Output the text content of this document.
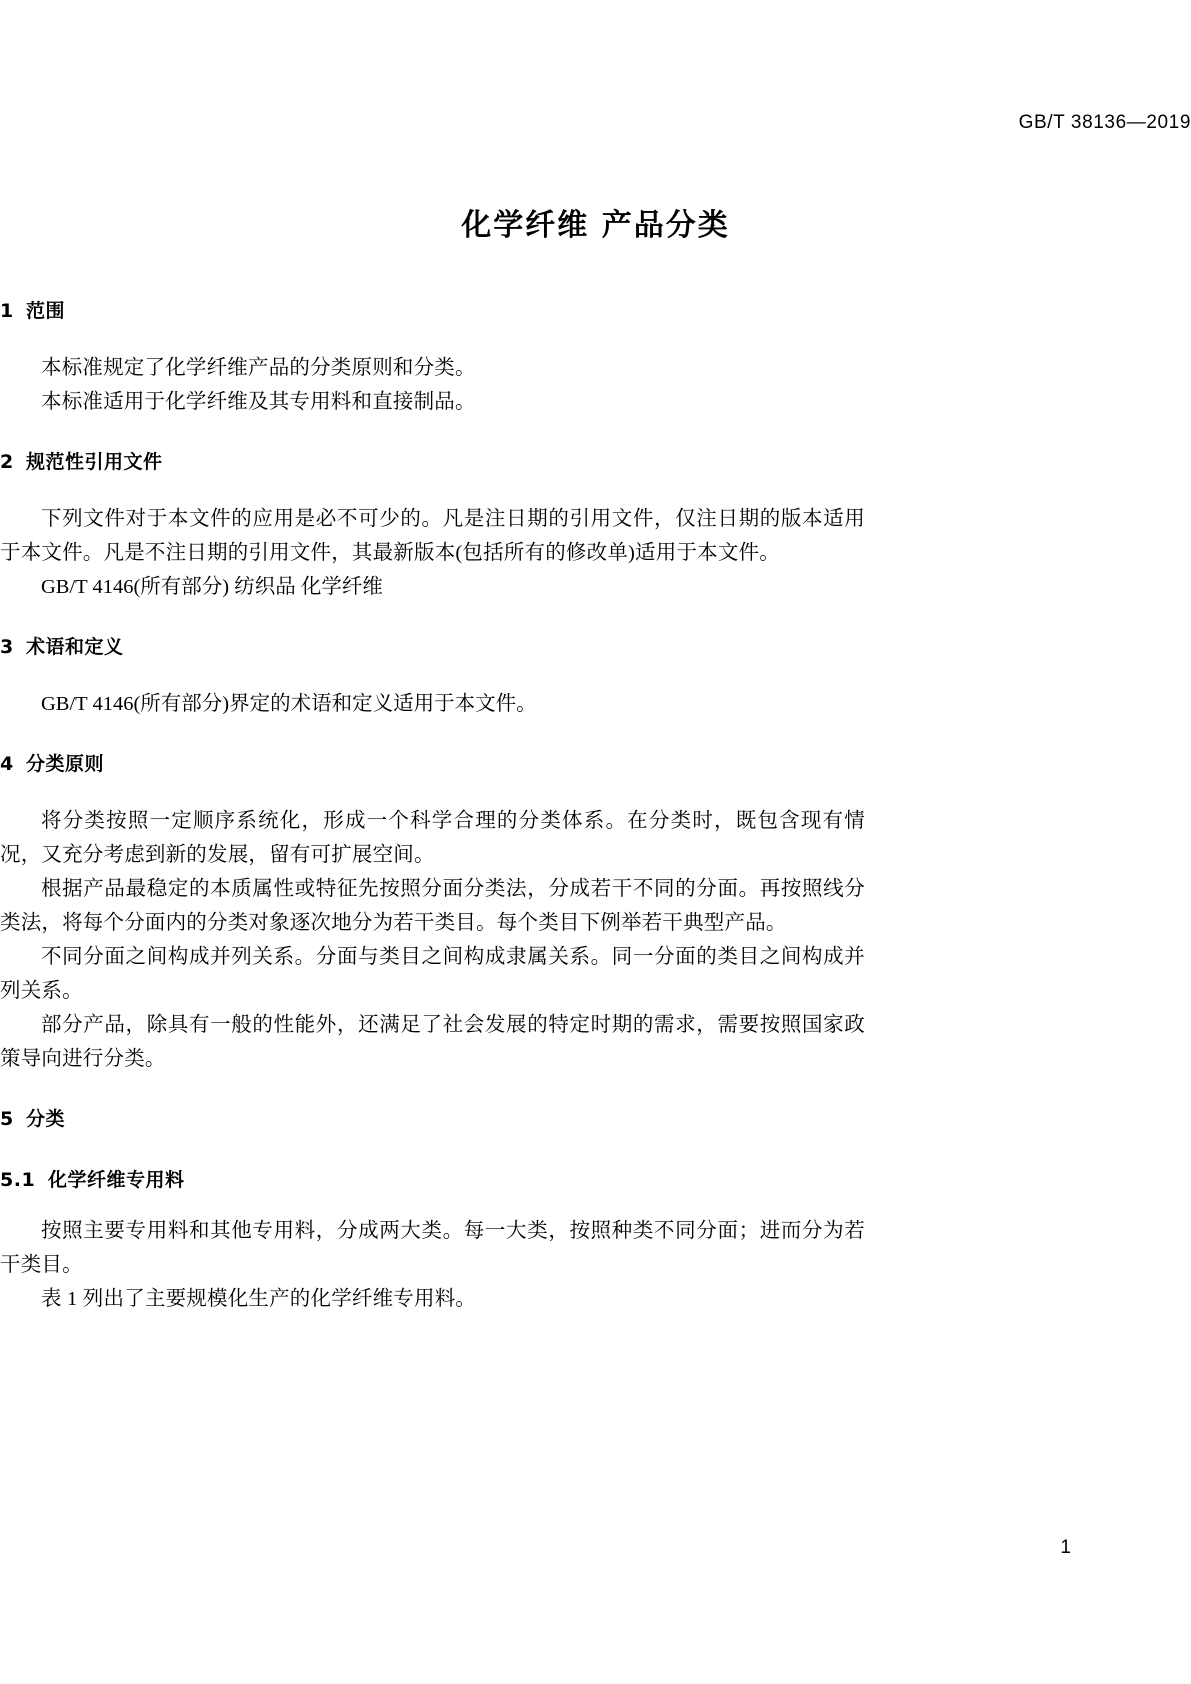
GB/T 38136—2019
化学纤维 产品分类
1 范围

本标准规定了化学纤维产品的分类原则和分类。

本标准适用于化学纤维及其专用料和直接制品。

2 规范性引用文件

下列文件对于本文件的应用是必不可少的。凡是注日期的引用文件，仅注日期的版本适用于本文件。凡是不注日期的引用文件，其最新版本(包括所有的修改单)适用于本文件。

GB/T 4146(所有部分) 纺织品 化学纤维

3 术语和定义

GB/T 4146(所有部分)界定的术语和定义适用于本文件。

4 分类原则

将分类按照一定顺序系统化，形成一个科学合理的分类体系。在分类时，既包含现有情况，又充分考虑到新的发展，留有可扩展空间。

根据产品最稳定的本质属性或特征先按照分面分类法，分成若干不同的分面。再按照线分类法，将每个分面内的分类对象逐次地分为若干类目。每个类目下例举若干典型产品。

不同分面之间构成并列关系。分面与类目之间构成隶属关系。同一分面的类目之间构成并列关系。

部分产品，除具有一般的性能外，还满足了社会发展的特定时期的需求，需要按照国家政策导向进行分类。

5 分类
5.1 化学纤维专用料

按照主要专用料和其他专用料，分成两大类。每一大类，按照种类不同分面；进而分为若干类目。

表 1 列出了主要规模化生产的化学纤维专用料。

1
